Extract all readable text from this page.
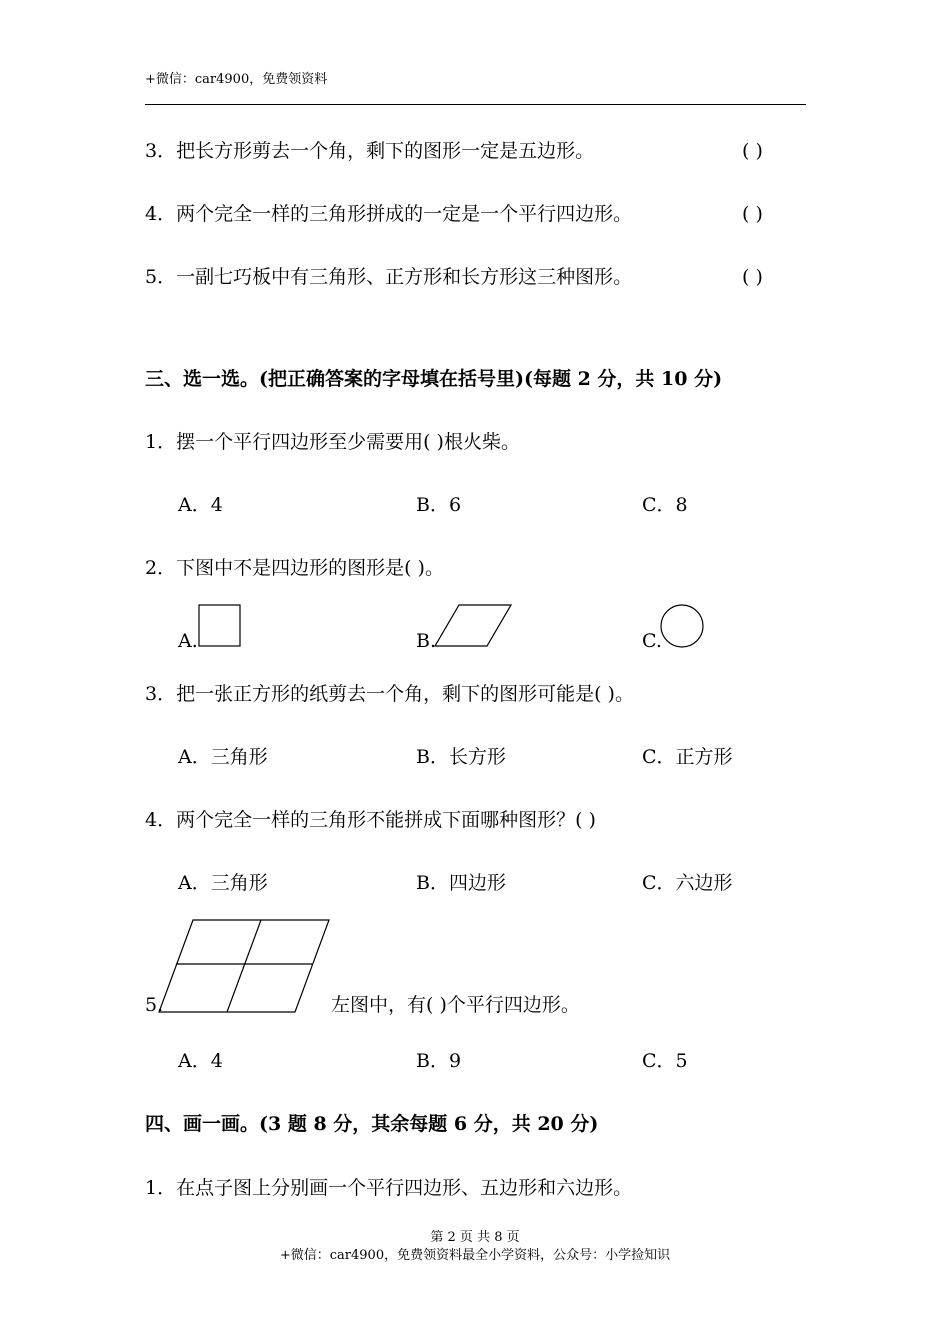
+微信：car4900，免费领资料
3．把长方形剪去一个角，剩下的图形一定是五边形。	( )
4．两个完全一样的三角形拼成的一定是一个平行四边形。	( )
5．一副七巧板中有三角形、正方形和长方形这三种图形。	( )
三、选一选。(把正确答案的字母填在括号里)(每题 2 分，共 10 分)
1．摆一个平行四边形至少需要用( )根火柴。
A．4	B．6	C．8
2．下图中不是四边形的图形是( )。
A.	B.	C.
3．把一张正方形的纸剪去一个角，剩下的图形可能是( )。
A．三角形	B．长方形	C．正方形
4．两个完全一样的三角形不能拼成下面哪种图形？( )
A．三角形	B．四边形	C．六边形
5.	左图中，有( )个平行四边形。
A．4	B．9	C．5
四、画一画。(3 题 8 分，其余每题 6 分，共 20 分)
1．在点子图上分别画一个平行四边形、五边形和六边形。
第 2 页 共 8 页
+微信：car4900，免费领资料最全小学资料，公众号：小学捡知识
